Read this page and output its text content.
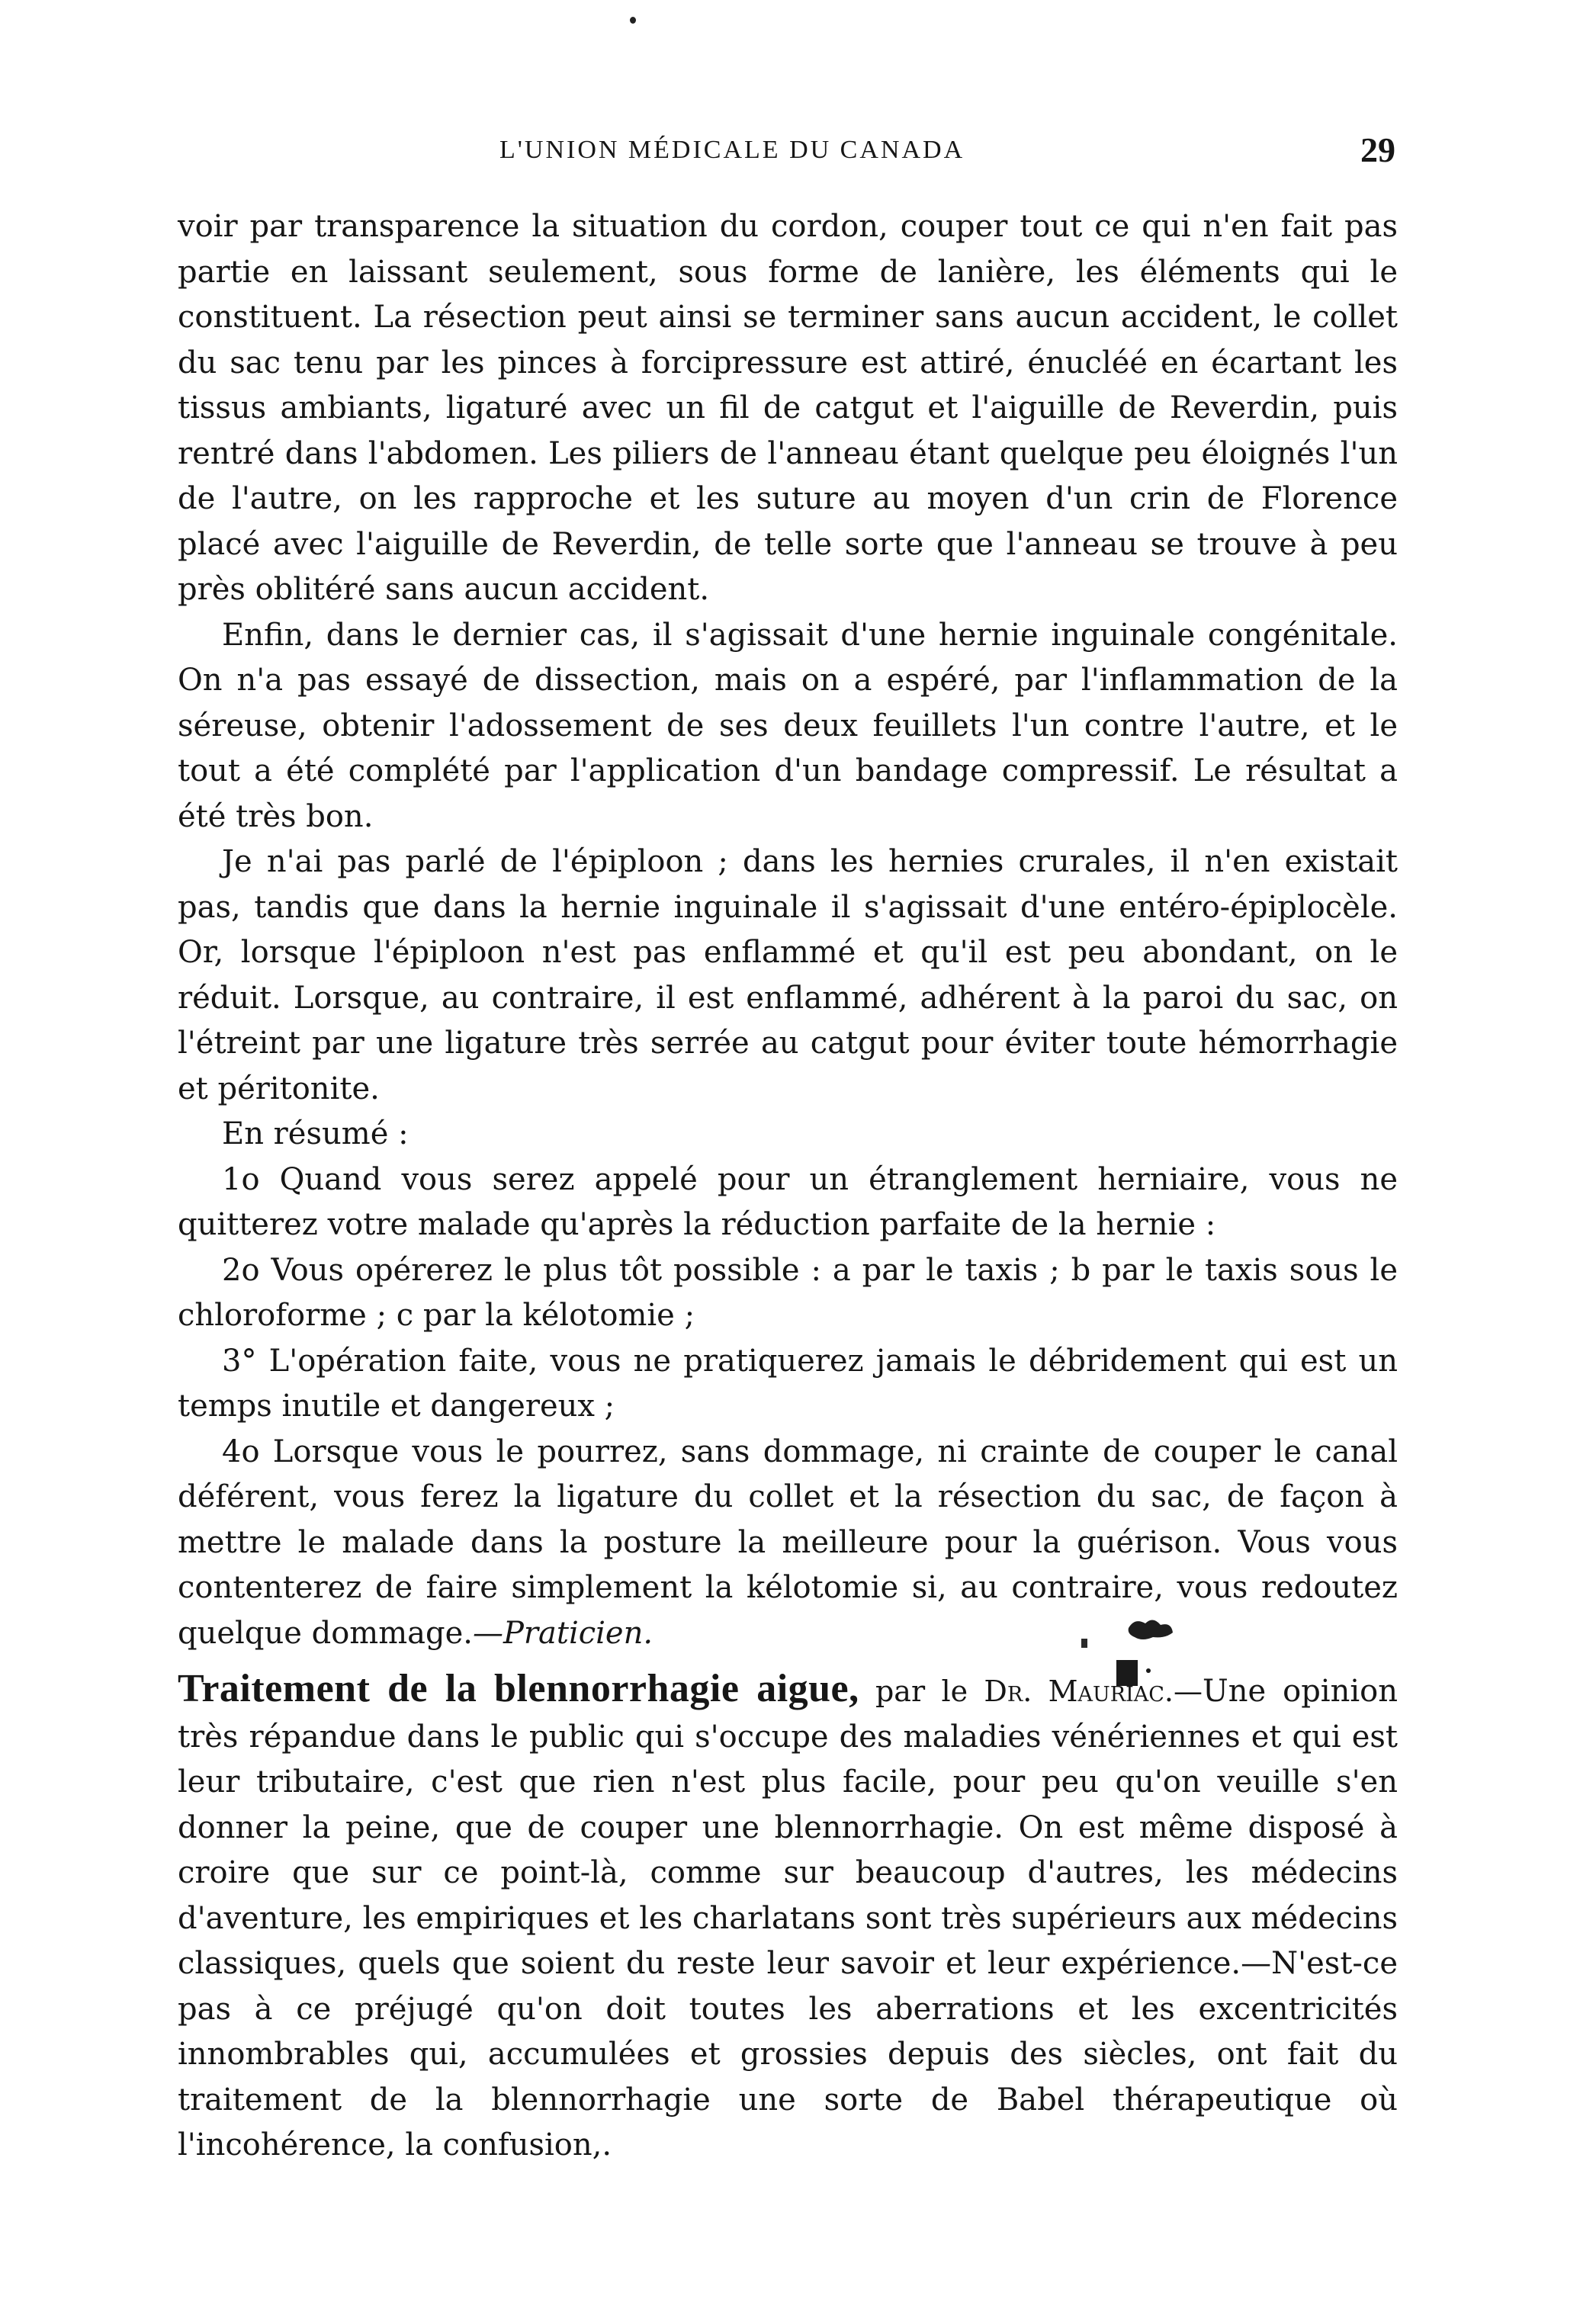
L'UNION MÉDICALE DU CANADA	29

voir par transparence la situation du cordon, couper tout ce qui n'en fait pas partie en laissant seulement, sous forme de lanière, les éléments qui le constituent. La résection peut ainsi se terminer sans aucun accident, le collet du sac tenu par les pinces à forcipressure est attiré, énucléé en écartant les tissus ambiants, ligaturé avec un fil de catgut et l'aiguille de Reverdin, puis rentré dans l'abdomen. Les piliers de l'anneau étant quelque peu éloignés l'un de l'autre, on les rapproche et les suture au moyen d'un crin de Florence placé avec l'aiguille de Reverdin, de telle sorte que l'anneau se trouve à peu près oblitéré sans aucun accident.

Enfin, dans le dernier cas, il s'agissait d'une hernie inguinale congénitale. On n'a pas essayé de dissection, mais on a espéré, par l'inflammation de la séreuse, obtenir l'adossement de ses deux feuillets l'un contre l'autre, et le tout a été complété par l'application d'un bandage compressif. Le résultat a été très bon.

Je n'ai pas parlé de l'épiploon ; dans les hernies crurales, il n'en existait pas, tandis que dans la hernie inguinale il s'agissait d'une entéro-épiplocèle. Or, lorsque l'épiploon n'est pas enflammé et qu'il est peu abondant, on le réduit. Lorsque, au contraire, il est enflammé, adhérent à la paroi du sac, on l'étreint par une ligature très serrée au catgut pour éviter toute hémorrhagie et péritonite.

En résumé :

1o Quand vous serez appelé pour un étranglement herniaire, vous ne quitterez votre malade qu'après la réduction parfaite de la hernie :

2o Vous opérerez le plus tôt possible : a par le taxis ; b par le taxis sous le chloroforme ; c par la kélotomie ;

3° L'opération faite, vous ne pratiquerez jamais le débridement qui est un temps inutile et dangereux ;

4o Lorsque vous le pourrez, sans dommage, ni crainte de couper le canal déférent, vous ferez la ligature du collet et la résection du sac, de façon à mettre le malade dans la posture la meilleure pour la guérison. Vous vous contenterez de faire simplement la kélotomie si, au contraire, vous redoutez quelque dommage.—Praticien.

Traitement de la blennorrhagie aigue, par le Dr. Mauriac.—Une opinion très répandue dans le public qui s'occupe des maladies vénériennes et qui est leur tributaire, c'est que rien n'est plus facile, pour peu qu'on veuille s'en donner la peine, que de couper une blennorrhagie. On est même disposé à croire que sur ce point-là, comme sur beaucoup d'autres, les médecins d'aventure, les empiriques et les charlatans sont très supérieurs aux médecins classiques, quels que soient du reste leur savoir et leur expérience.—N'est-ce pas à ce préjugé qu'on doit toutes les aberrations et les excentricités innombrables qui, accumulées et grossies depuis des siècles, ont fait du traitement de la blennorrhagie une sorte de Babel thérapeutique où l'incohérence, la confusion,.
